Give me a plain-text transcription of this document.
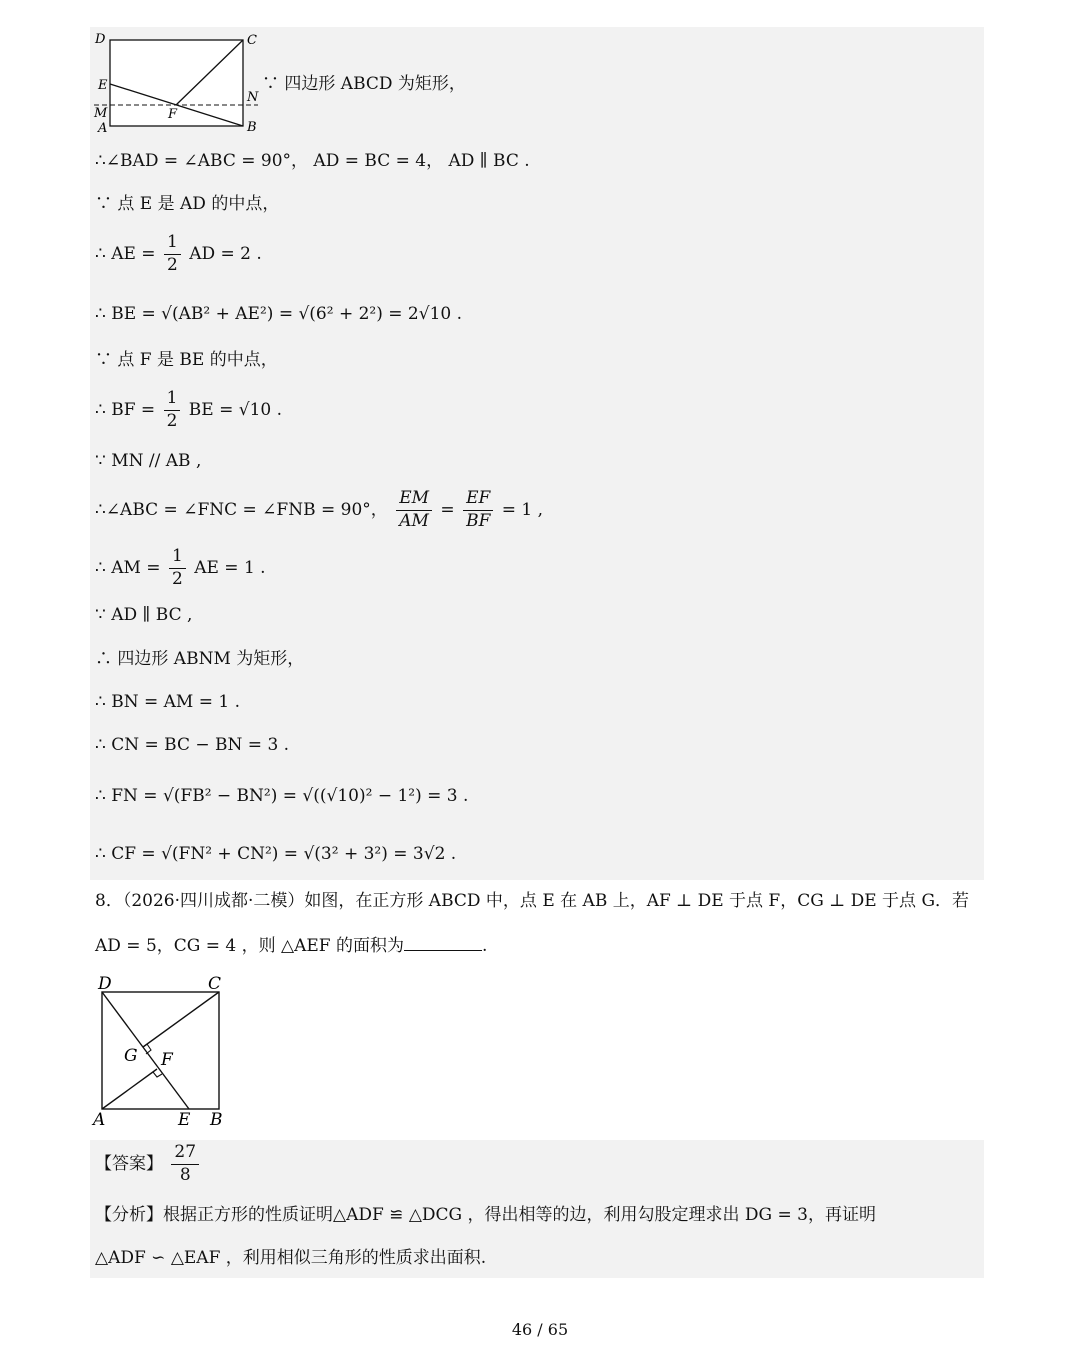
D	C
E
N
M	F
A	B
∵ 四边形 ABCD 为矩形，
∴∠BAD = ∠ABC = 90°， AD = BC = 4， AD ∥ BC .
∵ 点 E 是 AD 的中点，
∴ AE = $\frac{1}{2}$ AD = 2 .
∴ BE = √(AB² + AE²) = √(6² + 2²) = 2√10 .
∵ 点 F 是 BE 的中点，
∴ BF = $\frac{1}{2}$ BE = √10 .
∵ MN // AB ,
∴∠ABC = ∠FNC = ∠FNB = 90°， $\frac{EM}{AM} = \frac{EF}{BF} = 1$ ,
∴ AM = $\frac{1}{2}$ AE = 1 .
∵ AD ∥ BC ,
∴ 四边形 ABNM 为矩形，
∴ BN = AM = 1 .
∴ CN = BC − BN = 3 .
∴ FN = √(FB² − BN²) = √((√10)² − 1²) = 3 .
∴ CF = √(FN² + CN²) = √(3² + 3²) = 3√2 .
8．（2026·四川成都·二模）如图，在正方形 ABCD 中，点 E 在 AB 上，AF ⊥ DE 于点 F，CG ⊥ DE 于点 G．若
AD = 5，CG = 4 ，则 △AEF 的面积为	.
D	C
G F
A	E B
【答案】 $\frac{27}{8}$
【分析】根据正方形的性质证明△ADF ≌ △DCG ，得出相等的边，利用勾股定理求出 DG = 3，再证明
△ADF ∽ △EAF ，利用相似三角形的性质求出面积.
46 / 65
